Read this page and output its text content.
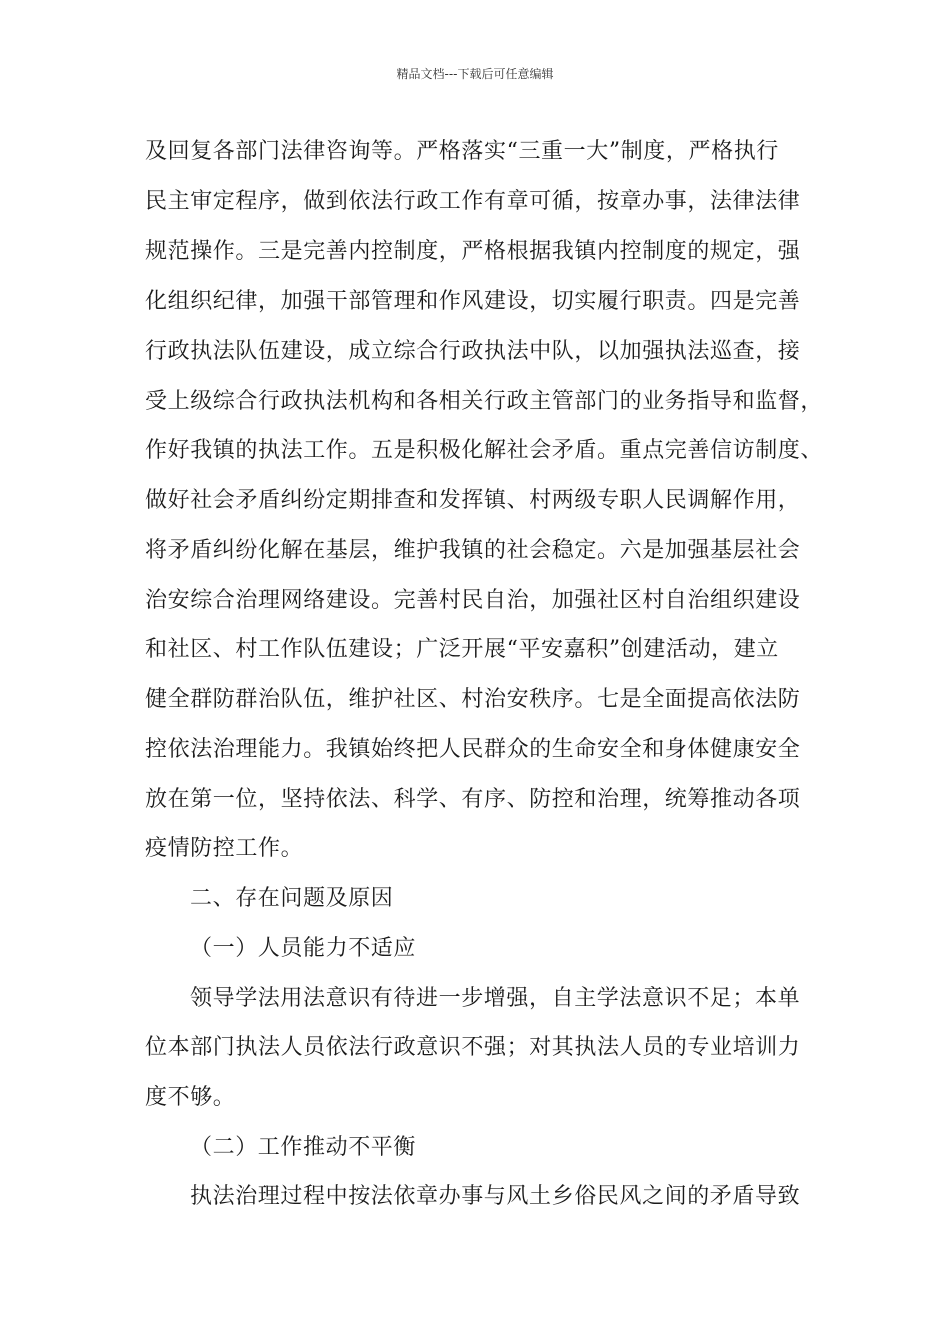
精品文档---下载后可任意编辑
及回复各部门法律咨询等。严格落实“三重一大”制度，严格执行
民主审定程序，做到依法行政工作有章可循，按章办事，法律法律
规范操作。三是完善内控制度，严格根据我镇内控制度的规定，强
化组织纪律，加强干部管理和作风建设，切实履行职责。四是完善
行政执法队伍建设，成立综合行政执法中队，以加强执法巡查，接
受上级综合行政执法机构和各相关行政主管部门的业务指导和监督，
作好我镇的执法工作。五是积极化解社会矛盾。重点完善信访制度、
做好社会矛盾纠纷定期排查和发挥镇、村两级专职人民调解作用，
将矛盾纠纷化解在基层，维护我镇的社会稳定。六是加强基层社会
治安综合治理网络建设。完善村民自治，加强社区村自治组织建设
和社区、村工作队伍建设；广泛开展“平安嘉积”创建活动，建立
健全群防群治队伍，维护社区、村治安秩序。七是全面提高依法防
控依法治理能力。我镇始终把人民群众的生命安全和身体健康安全
放在第一位，坚持依法、科学、有序、防控和治理，统筹推动各项
疫情防控工作。
二、存在问题及原因
（一）人员能力不适应
领导学法用法意识有待进一步增强，自主学法意识不足；本单
位本部门执法人员依法行政意识不强；对其执法人员的专业培训力
度不够。
（二）工作推动不平衡
执法治理过程中按法依章办事与风土乡俗民风之间的矛盾导致
